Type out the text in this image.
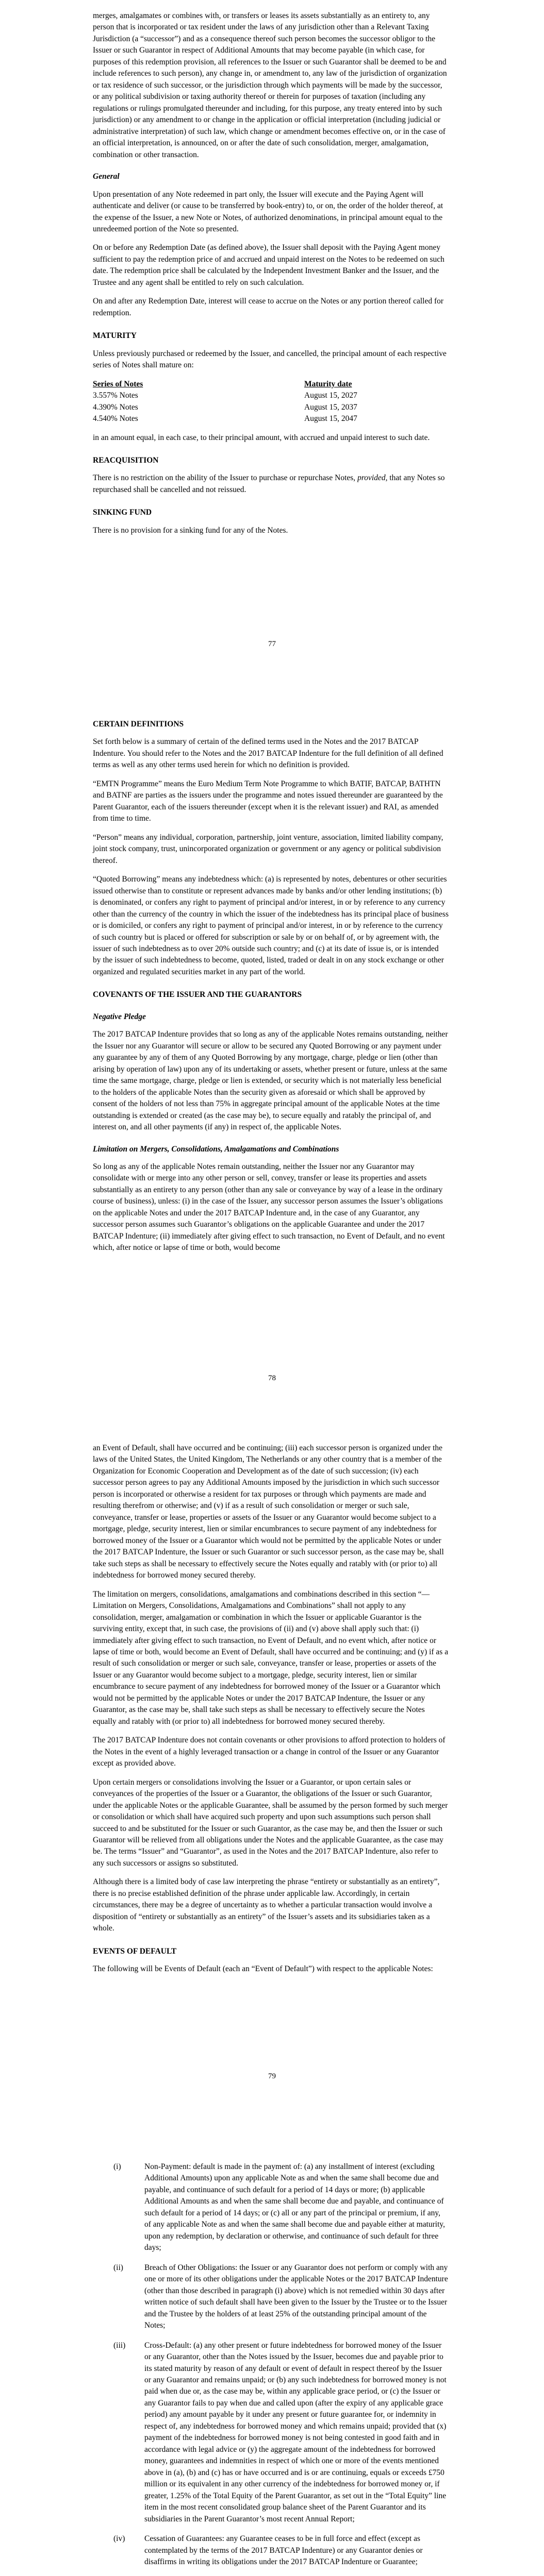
merges, amalgamates or combines with, or transfers or leases its assets substantially as an entirety to, any person that is incorporated or tax resident under the laws of any jurisdiction other than a Relevant Taxing Jurisdiction (a “successor”) and as a consequence thereof such person becomes the successor obligor to the Issuer or such Guarantor in respect of Additional Amounts that may become payable (in which case, for purposes of this redemption provision, all references to the Issuer or such Guarantor shall be deemed to be and include references to such person), any change in, or amendment to, any law of the jurisdiction of organization or tax residence of such successor, or the jurisdiction through which payments will be made by the successor, or any political subdivision or taxing authority thereof or therein for purposes of taxation (including any regulations or rulings promulgated thereunder and including, for this purpose, any treaty entered into by such jurisdiction) or any amendment to or change in the application or official interpretation (including judicial or administrative interpretation) of such law, which change or amendment becomes effective on, or in the case of an official interpretation, is announced, on or after the date of such consolidation, merger, amalgamation, combination or other transaction.

General

Upon presentation of any Note redeemed in part only, the Issuer will execute and the Paying Agent will authenticate and deliver (or cause to be transferred by book-entry) to, or on, the order of the holder thereof, at the expense of the Issuer, a new Note or Notes, of authorized denominations, in principal amount equal to the unredeemed portion of the Note so presented.

On or before any Redemption Date (as defined above), the Issuer shall deposit with the Paying Agent money sufficient to pay the redemption price of and accrued and unpaid interest on the Notes to be redeemed on such date. The redemption price shall be calculated by the Independent Investment Banker and the Issuer, and the Trustee and any agent shall be entitled to rely on such calculation.

On and after any Redemption Date, interest will cease to accrue on the Notes or any portion thereof called for redemption.

MATURITY

Unless previously purchased or redeemed by the Issuer, and cancelled, the principal amount of each respective series of Notes shall mature on:

Series of Notes	Maturity date
3.557% Notes	August 15, 2027
4.390% Notes	August 15, 2037
4.540% Notes	August 15, 2047

in an amount equal, in each case, to their principal amount, with accrued and unpaid interest to such date.

REACQUISITION

There is no restriction on the ability of the Issuer to purchase or repurchase Notes, provided, that any Notes so repurchased shall be cancelled and not reissued.

SINKING FUND

There is no provision for a sinking fund for any of the Notes.

77

CERTAIN DEFINITIONS

Set forth below is a summary of certain of the defined terms used in the Notes and the 2017 BATCAP Indenture. You should refer to the Notes and the 2017 BATCAP Indenture for the full definition of all defined terms as well as any other terms used herein for which no definition is provided.

“EMTN Programme” means the Euro Medium Term Note Programme to which BATIF, BATCAP, BATHTN and BATNF are parties as the issuers under the programme and notes issued thereunder are guaranteed by the Parent Guarantor, each of the issuers thereunder (except when it is the relevant issuer) and RAI, as amended from time to time.

“Person” means any individual, corporation, partnership, joint venture, association, limited liability company, joint stock company, trust, unincorporated organization or government or any agency or political subdivision thereof.

“Quoted Borrowing” means any indebtedness which: (a) is represented by notes, debentures or other securities issued otherwise than to constitute or represent advances made by banks and/or other lending institutions; (b) is denominated, or confers any right to payment of principal and/or interest, in or by reference to any currency other than the currency of the country in which the issuer of the indebtedness has its principal place of business or is domiciled, or confers any right to payment of principal and/or interest, in or by reference to the currency of such country but is placed or offered for subscription or sale by or on behalf of, or by agreement with, the issuer of such indebtedness as to over 20% outside such country; and (c) at its date of issue is, or is intended by the issuer of such indebtedness to become, quoted, listed, traded or dealt in on any stock exchange or other organized and regulated securities market in any part of the world.

COVENANTS OF THE ISSUER AND THE GUARANTORS

Negative Pledge

The 2017 BATCAP Indenture provides that so long as any of the applicable Notes remains outstanding, neither the Issuer nor any Guarantor will secure or allow to be secured any Quoted Borrowing or any payment under any guarantee by any of them of any Quoted Borrowing by any mortgage, charge, pledge or lien (other than arising by operation of law) upon any of its undertaking or assets, whether present or future, unless at the same time the same mortgage, charge, pledge or lien is extended, or security which is not materially less beneficial to the holders of the applicable Notes than the security given as aforesaid or which shall be approved by consent of the holders of not less than 75% in aggregate principal amount of the applicable Notes at the time outstanding is extended or created (as the case may be), to secure equally and ratably the principal of, and interest on, and all other payments (if any) in respect of, the applicable Notes.

Limitation on Mergers, Consolidations, Amalgamations and Combinations

So long as any of the applicable Notes remain outstanding, neither the Issuer nor any Guarantor may consolidate with or merge into any other person or sell, convey, transfer or lease its properties and assets substantially as an entirety to any person (other than any sale or conveyance by way of a lease in the ordinary course of business), unless: (i) in the case of the Issuer, any successor person assumes the Issuer’s obligations on the applicable Notes and under the 2017 BATCAP Indenture and, in the case of any Guarantor, any successor person assumes such Guarantor’s obligations on the applicable Guarantee and under the 2017 BATCAP Indenture; (ii) immediately after giving effect to such transaction, no Event of Default, and no event which, after notice or lapse of time or both, would become

78

an Event of Default, shall have occurred and be continuing; (iii) each successor person is organized under the laws of the United States, the United Kingdom, The Netherlands or any other country that is a member of the Organization for Economic Cooperation and Development as of the date of such succession; (iv) each successor person agrees to pay any Additional Amounts imposed by the jurisdiction in which such successor person is incorporated or otherwise a resident for tax purposes or through which payments are made and resulting therefrom or otherwise; and (v) if as a result of such consolidation or merger or such sale, conveyance, transfer or lease, properties or assets of the Issuer or any Guarantor would become subject to a mortgage, pledge, security interest, lien or similar encumbrances to secure payment of any indebtedness for borrowed money of the Issuer or a Guarantor which would not be permitted by the applicable Notes or under the 2017 BATCAP Indenture, the Issuer or such Guarantor or such successor person, as the case may be, shall take such steps as shall be necessary to effectively secure the Notes equally and ratably with (or prior to) all indebtedness for borrowed money secured thereby.

The limitation on mergers, consolidations, amalgamations and combinations described in this section “— Limitation on Mergers, Consolidations, Amalgamations and Combinations” shall not apply to any consolidation, merger, amalgamation or combination in which the Issuer or applicable Guarantor is the surviving entity, except that, in such case, the provisions of (ii) and (v) above shall apply such that: (i) immediately after giving effect to such transaction, no Event of Default, and no event which, after notice or lapse of time or both, would become an Event of Default, shall have occurred and be continuing; and (y) if as a result of such consolidation or merger or such sale, conveyance, transfer or lease, properties or assets of the Issuer or any Guarantor would become subject to a mortgage, pledge, security interest, lien or similar encumbrance to secure payment of any indebtedness for borrowed money of the Issuer or a Guarantor which would not be permitted by the applicable Notes or under the 2017 BATCAP Indenture, the Issuer or any Guarantor, as the case may be, shall take such steps as shall be necessary to effectively secure the Notes equally and ratably with (or prior to) all indebtedness for borrowed money secured thereby.

The 2017 BATCAP Indenture does not contain covenants or other provisions to afford protection to holders of the Notes in the event of a highly leveraged transaction or a change in control of the Issuer or any Guarantor except as provided above.

Upon certain mergers or consolidations involving the Issuer or a Guarantor, or upon certain sales or conveyances of the properties of the Issuer or a Guarantor, the obligations of the Issuer or such Guarantor, under the applicable Notes or the applicable Guarantee, shall be assumed by the person formed by such merger or consolidation or which shall have acquired such property and upon such assumptions such person shall succeed to and be substituted for the Issuer or such Guarantor, as the case may be, and then the Issuer or such Guarantor will be relieved from all obligations under the Notes and the applicable Guarantee, as the case may be. The terms “Issuer” and “Guarantor”, as used in the Notes and the 2017 BATCAP Indenture, also refer to any such successors or assigns so substituted.

Although there is a limited body of case law interpreting the phrase “entirety or substantially as an entirety”, there is no precise established definition of the phrase under applicable law. Accordingly, in certain circumstances, there may be a degree of uncertainty as to whether a particular transaction would involve a disposition of “entirety or substantially as an entirety” of the Issuer’s assets and its subsidiaries taken as a whole.

EVENTS OF DEFAULT

The following will be Events of Default (each an “Event of Default”) with respect to the applicable Notes:

79
(i)	Non-Payment: default is made in the payment of: (a) any installment of interest (excluding Additional Amounts) upon any applicable Note as and when the same shall become due and payable, and continuance of such default for a period of 14 days or more; (b) applicable Additional Amounts as and when the same shall become due and payable, and continuance of such default for a period of 14 days; or (c) all or any part of the principal or premium, if any, of any applicable Note as and when the same shall become due and payable either at maturity, upon any redemption, by declaration or otherwise, and continuance of such default for three days;

(ii)	Breach of Other Obligations: the Issuer or any Guarantor does not perform or comply with any one or more of its other obligations under the applicable Notes or the 2017 BATCAP Indenture (other than those described in paragraph (i) above) which is not remedied within 30 days after written notice of such default shall have been given to the Issuer by the Trustee or to the Issuer and the Trustee by the holders of at least 25% of the outstanding principal amount of the Notes;

(iii)	Cross-Default: (a) any other present or future indebtedness for borrowed money of the Issuer or any Guarantor, other than the Notes issued by the Issuer, becomes due and payable prior to its stated maturity by reason of any default or event of default in respect thereof by the Issuer or any Guarantor and remains unpaid; or (b) any such indebtedness for borrowed money is not paid when due or, as the case may be, within any applicable grace period, or (c) the Issuer or any Guarantor fails to pay when due and called upon (after the expiry of any applicable grace period) any amount payable by it under any present or future guarantee for, or indemnity in respect of, any indebtedness for borrowed money and which remains unpaid; provided that (x) payment of the indebtedness for borrowed money is not being contested in good faith and in accordance with legal advice or (y) the aggregate amount of the indebtedness for borrowed money, guarantees and indemnities in respect of which one or more of the events mentioned above in (a), (b) and (c) has or have occurred and is or are continuing, equals or exceeds £750 million or its equivalent in any other currency of the indebtedness for borrowed money or, if greater, 1.25% of the Total Equity of the Parent Guarantor, as set out in the “Total Equity” line item in the most recent consolidated group balance sheet of the Parent Guarantor and its subsidiaries in the Parent Guarantor’s most recent Annual Report;

(iv)	Cessation of Guarantees: any Guarantee ceases to be in full force and effect (except as contemplated by the terms of the 2017 BATCAP Indenture) or any Guarantor denies or disaffirms in writing its obligations under the 2017 BATCAP Indenture or Guarantee;
